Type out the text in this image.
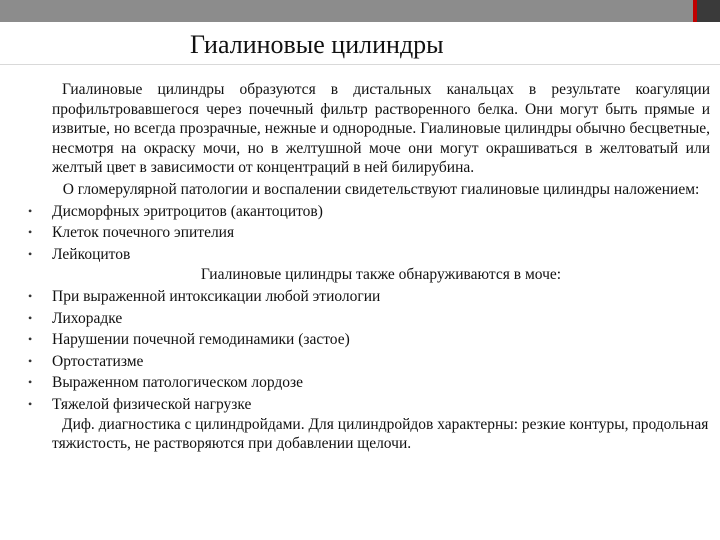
Гиалиновые цилиндры

Гиалиновые цилиндры образуются в дистальных канальцах в результате коагуляции профильтровавшегося через почечный фильтр растворенного белка. Они могут быть прямые и извитые, но всегда прозрачные, нежные и однородные. Гиалиновые цилиндры обычно бесцветные, несмотря на окраску мочи, но в желтушной моче они могут окрашиваться в желтоватый или желтый цвет в зависимости от концентраций в ней билирубина.

О гломерулярной патологии и воспалении свидетельствуют гиалиновые цилиндры наложением:

• Дисморфных эритроцитов (акантоцитов)
• Клеток почечного эпителия
• Лейкоцитов

Гиалиновые цилиндры также обнаруживаются в моче:

• При выраженной интоксикации любой этиологии
• Лихорадке
• Нарушении почечной гемодинамики (застое)
• Ортостатизме
• Выраженном патологическом лордозе
• Тяжелой физической нагрузке

Диф. диагностика с цилиндройдами. Для цилиндройдов характерны: резкие контуры, продольная тяжистость, не растворяются при добавлении щелочи.
